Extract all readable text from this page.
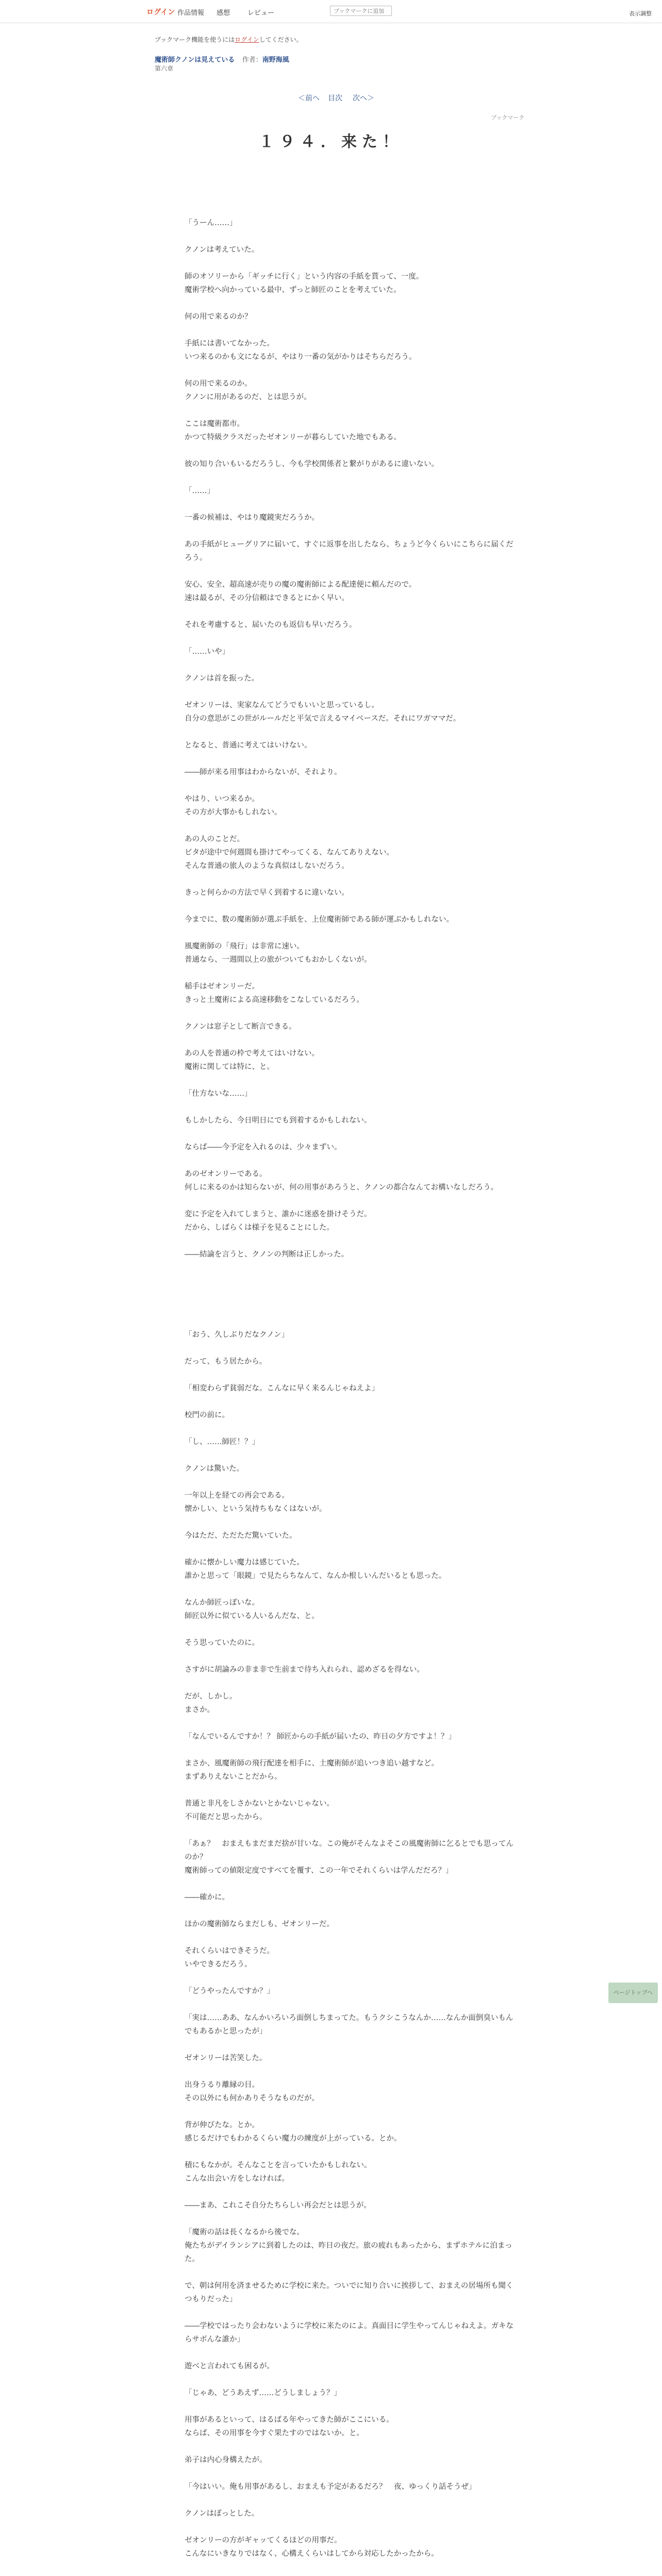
ログイン 作品情報 感想	レビュー
ブックマークに追加	表示調整
ブックマーク機能を使うにはログインしてください。
魔術師クノンは見えている 作者：南野海風
第六章
＜前へ 目次 次へ＞
ブックマーク
１９４．来た！

「うーん……」

クノンは考えていた。

師のオソリーから「ギッチに行く」という内容の手紙を貰って、一度。

魔術学校へ向かっている最中、ずっと師匠のことを考えていた。

何の用で来るのか？

手紙には書いてなかった。

いつ来るのかも文になるが、やはり一番の気がかりはそちらだろう。

何の用で来るのか。

クノンに用があるのだ、とは思うが。

ここは魔術都市。

かつて特級クラスだったゼオンリーが暮らしていた地でもある。

彼の知り合いもいるだろうし、今も学校関係者と繋がりがあるに違いない。

「……」

一番の候補は、やはり魔鏡実だろうか。

あの手紙がヒューグリアに届いて、すぐに返事を出したなら、ちょうど今くらいにこちらに届くだろう。

安心、安全、超高速が売りの魔の魔術師による配達便に頼んだので。

速は最るが、その分信頼はできるとにかく早い。

それを考慮すると、届いたのも返信も早いだろう。

「……いや」

クノンは首を振った。

ゼオンリーは、実家なんてどうでもいいと思っているし。

自分の意思がこの世がルールだと平気で言えるマイペースだ。それにワガママだ。

となると、普通に考えてはいけない。

――師が来る用事はわからないが、それより。

やはり、いつ来るか。

その方が大事かもしれない。

あの人のことだ。

ビタが途中で何週間も掛けてやってくる、なんてありえない。

そんな普通の旅人のような真似はしないだろう。

きっと何らかの方法で早く到着するに違いない。

今までに、数の魔術師が選ぶ手紙を、上位魔術師である師が運ぶかもしれない。

風魔術師の「飛行」は非常に速い。

普通なら、一週間以上の旅がついてもおかしくないが。

稲手はゼオンリーだ。

きっと土魔術による高速移動をこなしているだろう。

クノンは窓子として断言できる。

あの人を普通の枠で考えてはいけない。

魔術に関しては特に、と。

「仕方ないな……」

もしかしたら、今日明日にでも到着するかもしれない。

ならば――今予定を入れるのは、少々まずい。

あのゼオンリーである。

何しに来るのかは知らないが、何の用事があろうと、クノンの都合なんてお構いなしだろう。

変に予定を入れてしまうと、誰かに迷惑を掛けそうだ。

だから、しばらくは様子を見ることにした。

――結論を言うと、クノンの判断は正しかった。

「おう、久しぶりだなクノン」

だって、もう居たから。

「相変わらず貧弱だな。こんなに早く来るんじゃねえよ」

校門の前に。

「し、……師匠！？」

クノンは驚いた。

一年以上を経ての再会である。

懐かしい、という気持ちもなくはないが。

今はただ、ただただ驚いていた。

確かに懐かしい魔力は感じていた。

誰かと思って「眼鏡」で見たらちなんて、なんか根しいんだいるとも思った。

なんか師匠っぽいな。

師匠以外に似ている人いるんだな、と。

そう思っていたのに。

さすがに胡論みの非ま非で生前まで待ち入れられ、認めざるを得ない。

だが、しかし。

まさか。

「なんでいるんですか！？ 師匠からの手紙が届いたの、昨日の夕方ですよ！？」

まさか、風魔術師の飛行配達を相手に、土魔術師が追いつき追い越すなど。

まずありえないことだから。

普通と非凡をしさかないとかないじゃない。

不可能だと思ったから。

「あぁ？　おまえもまだまだ捨が甘いな。この俺がそんなよそこの風魔術師に乞るとでも思ってんのか？

魔術師っての値限定度ですべてを覆す、この一年でそれくらいは学んだだろ？」

――確かに。

ほかの魔術師ならまだしも、ゼオンリーだ。

それくらいはできそうだ。

いやできるだろう。

「どうやったんですか？」

「実は……ああ、なんかいろいろ面倒しちまってた。もうクシこうなんか……なんか面倒臭いもんでもあるかと思ったが」

ゼオンリーは苦笑した。

出身うるり離縁の目。

その以外にも何かありそうなものだが。

背が伸びたな。とか。

感じるだけでもわかるくらい魔力の練度が上がっている。とか。

積にもなかが。そんなことを言っていたかもしれない。

こんな出会い方をしなければ。

――まあ、これこそ自分たちらしい再会だとは思うが。

「魔術の話は長くなるから後でな。

俺たちがデイランシアに到着したのは、昨日の夜だ。旅の疲れもあったから、まずホテルに泊まった。

で、朝は何用を済ませるために学校に来た。ついでに知り合いに挨拶して、おまえの居場所も聞くつもりだった」

――学校ではったり会わないように学校に来たのによ。真面目に学生やってんじゃねえよ。ガキならサボんな誰か」

遊べと言われても困るが。

「じゃあ、どうあえず……どうしましょう？」

用事があるといって、はるばる年やってきた師がここにいる。

ならば、その用事を今すぐ果たすのではないか。と。

弟子は内心身構えたが。

「今はいい。俺も用事があるし、おまえも予定があるだろ？　夜、ゆっくり話そうぜ」

クノンはぽっとした。

ゼオンリーの方がギャッてくるほどの用事だ。

こんなにいきなりではなく、心構えくらいはしてから対応したかったから。

ページトップへ
